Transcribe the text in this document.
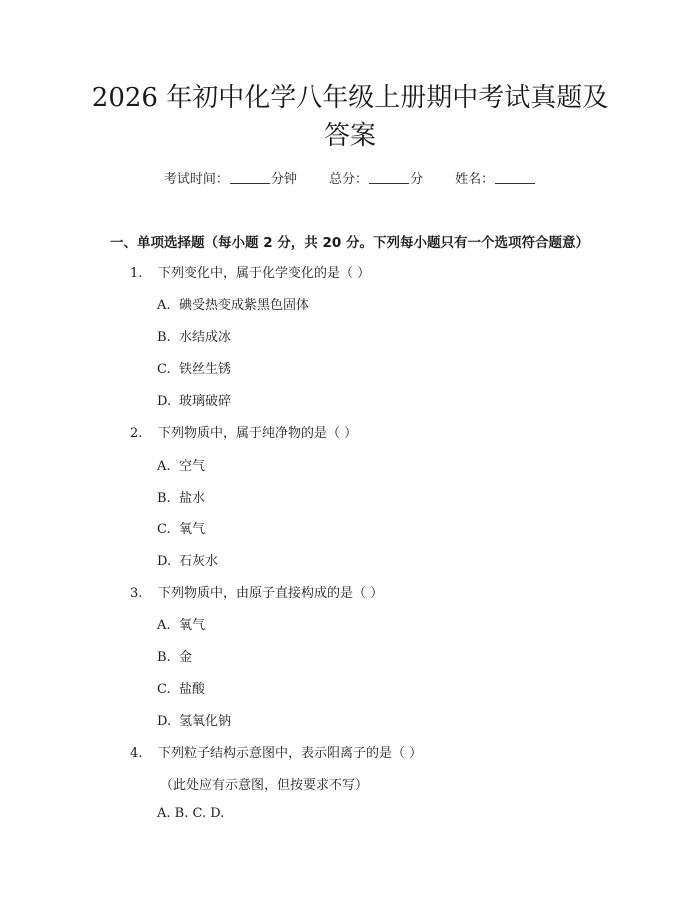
2026 年初中化学八年级上册期中考试真题及
答案
考试时间：	分钟 总分：	分 姓名：
一、单项选择题（每小题 2 分，共 20 分。下列每小题只有一个选项符合题意）
1. 下列变化中，属于化学变化的是（ ）
A. 碘受热变成紫黑色固体
B. 水结成冰
C. 铁丝生锈
D. 玻璃破碎
2. 下列物质中，属于纯净物的是（ ）
A. 空气
B. 盐水
C. 氧气
D. 石灰水
3. 下列物质中，由原子直接构成的是（ ）
A. 氧气
B. 金
C. 盐酸
D. 氢氧化钠
4. 下列粒子结构示意图中，表示阳离子的是（ ）
（此处应有示意图，但按要求不写）
A. B. C. D.
